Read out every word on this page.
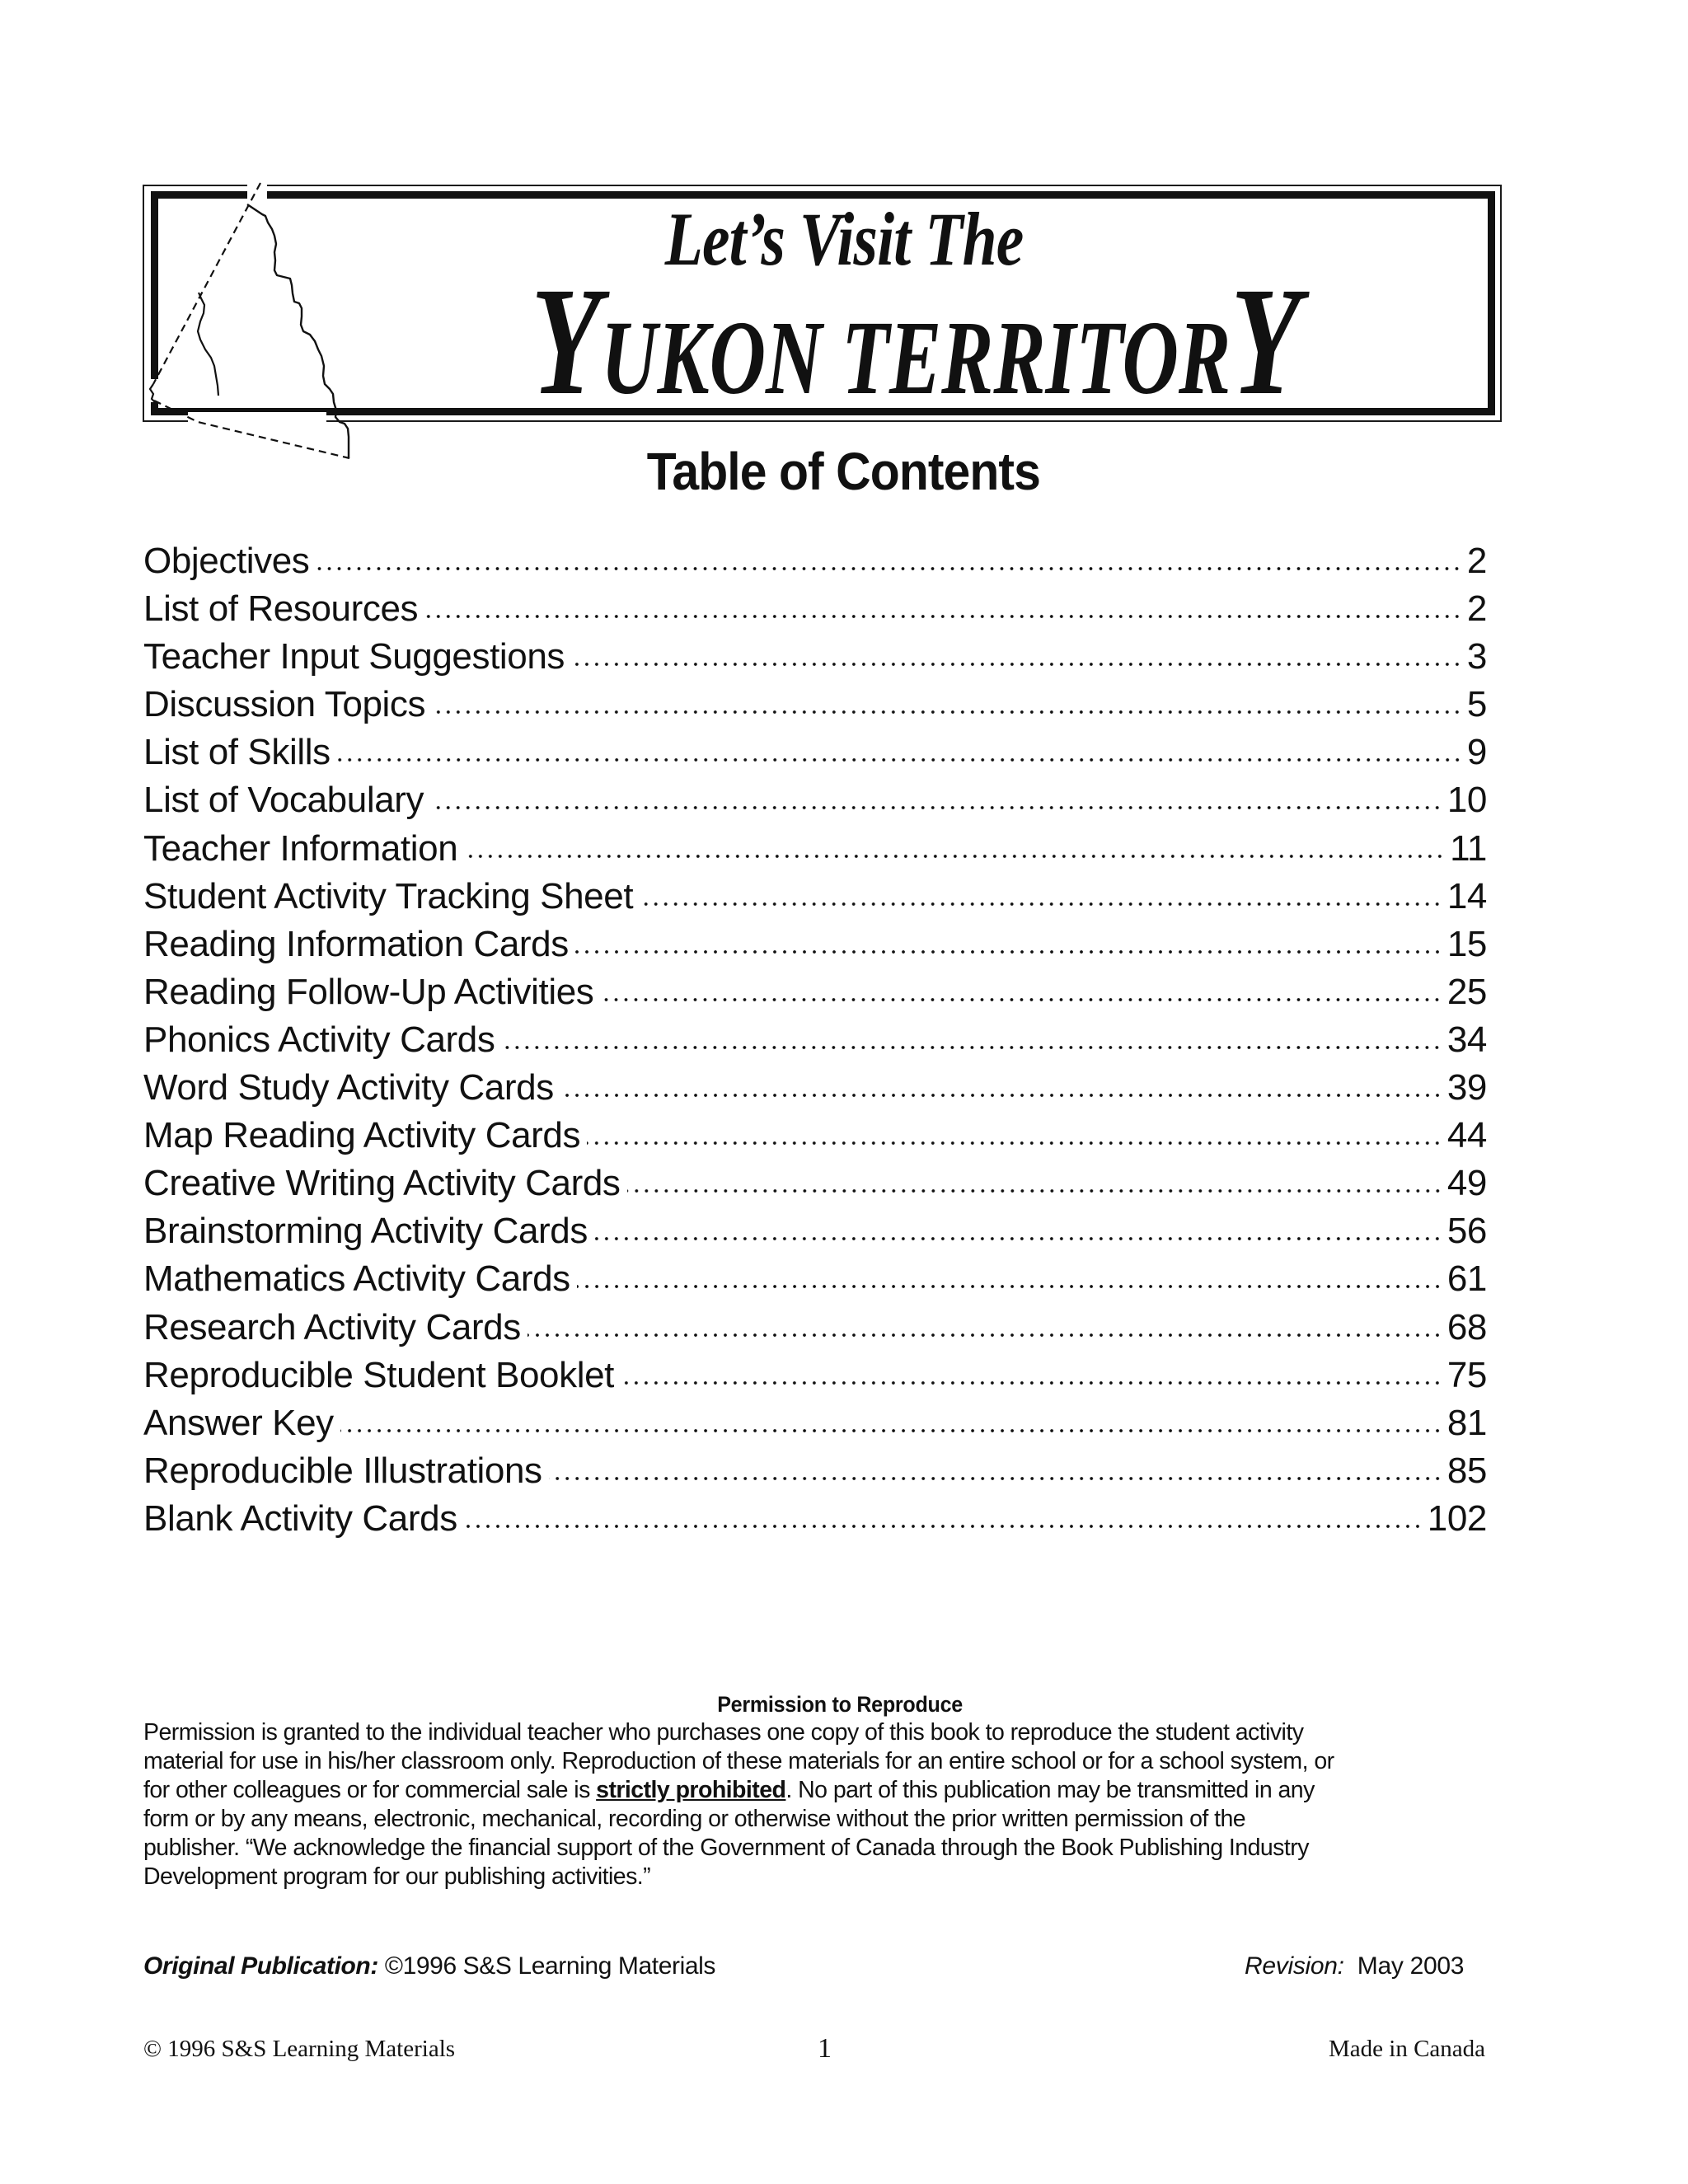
Let’s Visit The
YUKON TERRITORY
Table of Contents
Objectives	2
List of Resources	2
Teacher Input Suggestions	3
Discussion Topics	5
List of Skills	9
List of Vocabulary	10
Teacher Information	11
Student Activity Tracking Sheet	14
Reading Information Cards	15
Reading Follow-Up Activities	25
Phonics Activity Cards	34
Word Study Activity Cards	39
Map Reading Activity Cards	44
Creative Writing Activity Cards	49
Brainstorming Activity Cards	56
Mathematics Activity Cards	61
Research Activity Cards	68
Reproducible Student Booklet	75
Answer Key	81
Reproducible Illustrations	85
Blank Activity Cards	102
Permission to Reproduce
Permission is granted to the individual teacher who purchases one copy of this book to reproduce the student activity
material for use in his/her classroom only. Reproduction of these materials for an entire school or for a school system, or
for other colleagues or for commercial sale is strictly prohibited. No part of this publication may be transmitted in any
form or by any means, electronic, mechanical, recording or otherwise without the prior written permission of the
publisher. “We acknowledge the financial support of the Government of Canada through the Book Publishing Industry
Development program for our publishing activities.”
Original Publication: ©1996 S&S Learning Materials	Revision:  May 2003
© 1996 S&S Learning Materials	1	Made in Canada
